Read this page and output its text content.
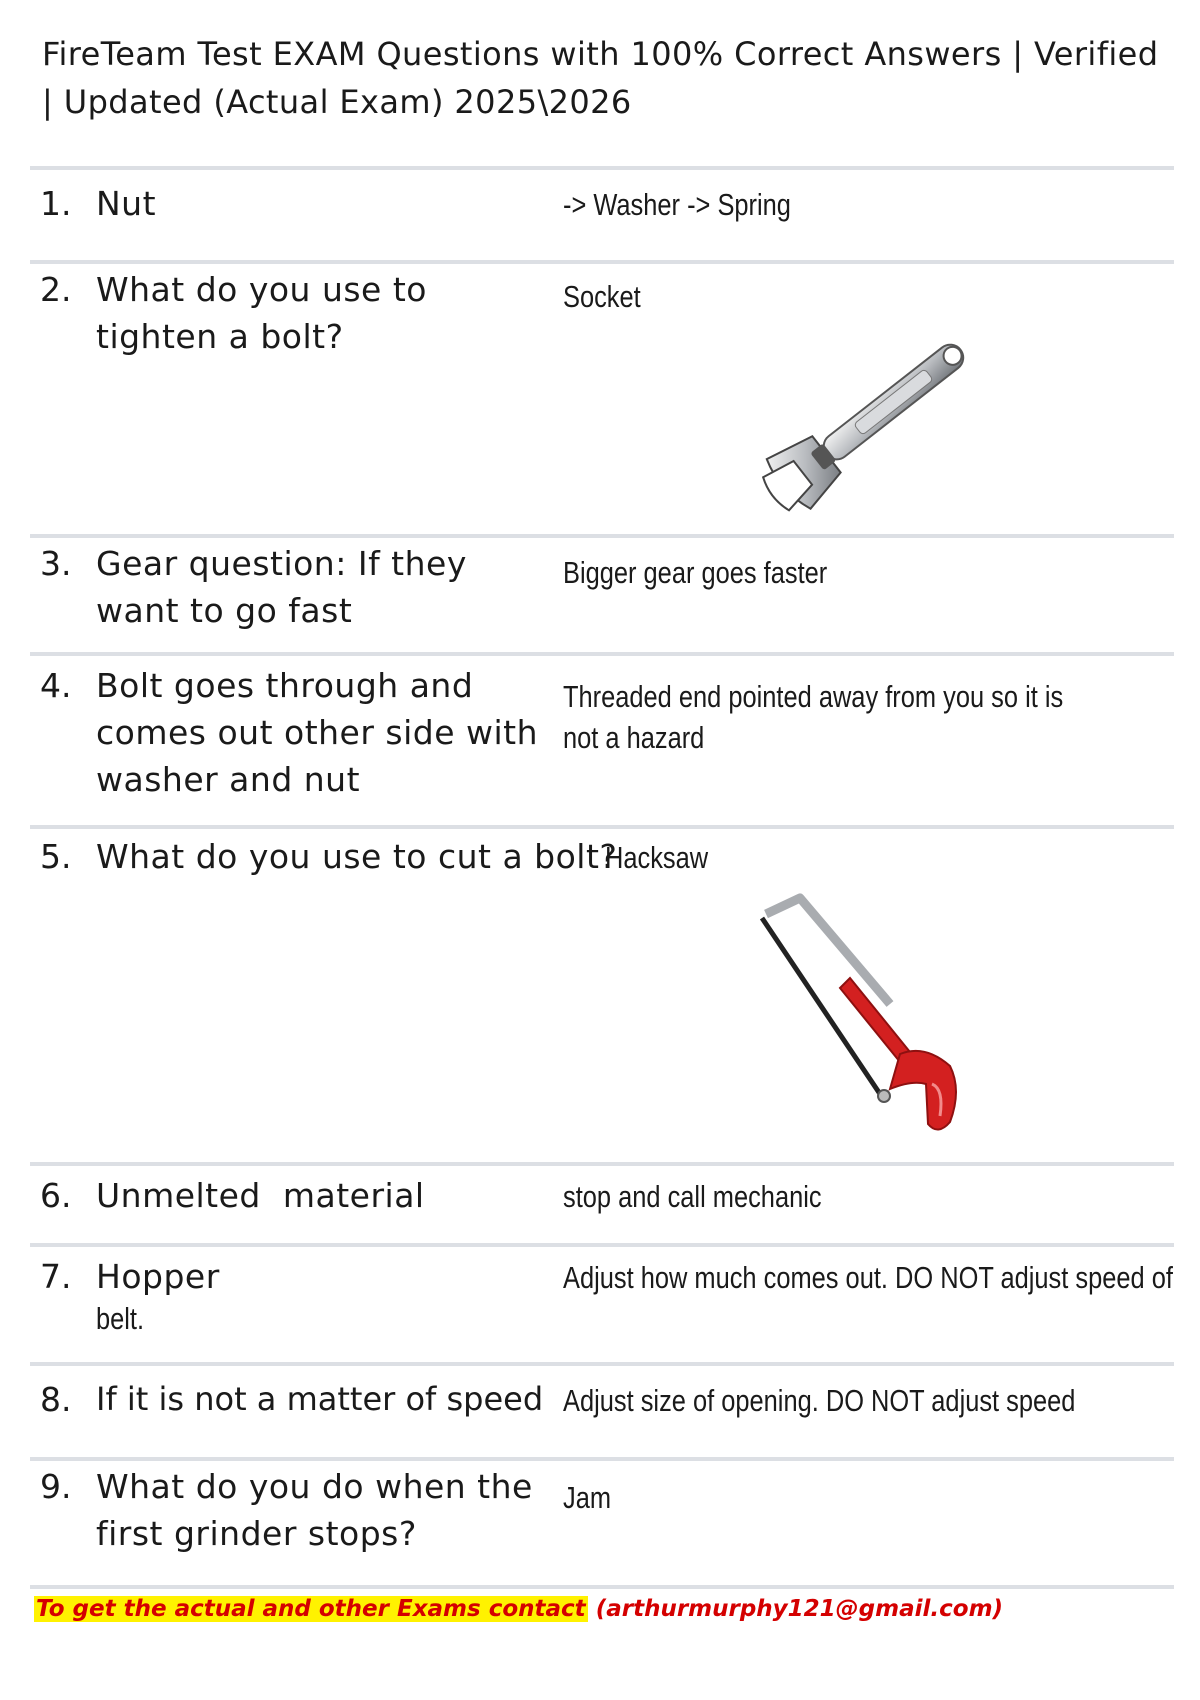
FireTeam Test EXAM Questions with 100% Correct Answers | Verified | Updated (Actual Exam) 2025\2026
1. Nut	-> Washer -> Spring
2. What do you use to tighten a bolt?
Socket
3. Gear question: If they want to go fast
Bigger gear goes faster
4. Bolt goes through and comes out other side with washer and nut
Threaded end pointed away from you so it is not a hazard
5. What do you use to cut a bolt?
Hacksaw
6. Unmelted  material	stop and call mechanic
7. Hopper
belt.
Adjust how much comes out. DO NOT adjust speed of
8. If it is not a matter of speed Adjust size of opening. DO NOT adjust speed
9. What do you do when the first grinder stops?
Jam
To get the actual and other Exams contact (arthurmurphy121@gmail.com)
